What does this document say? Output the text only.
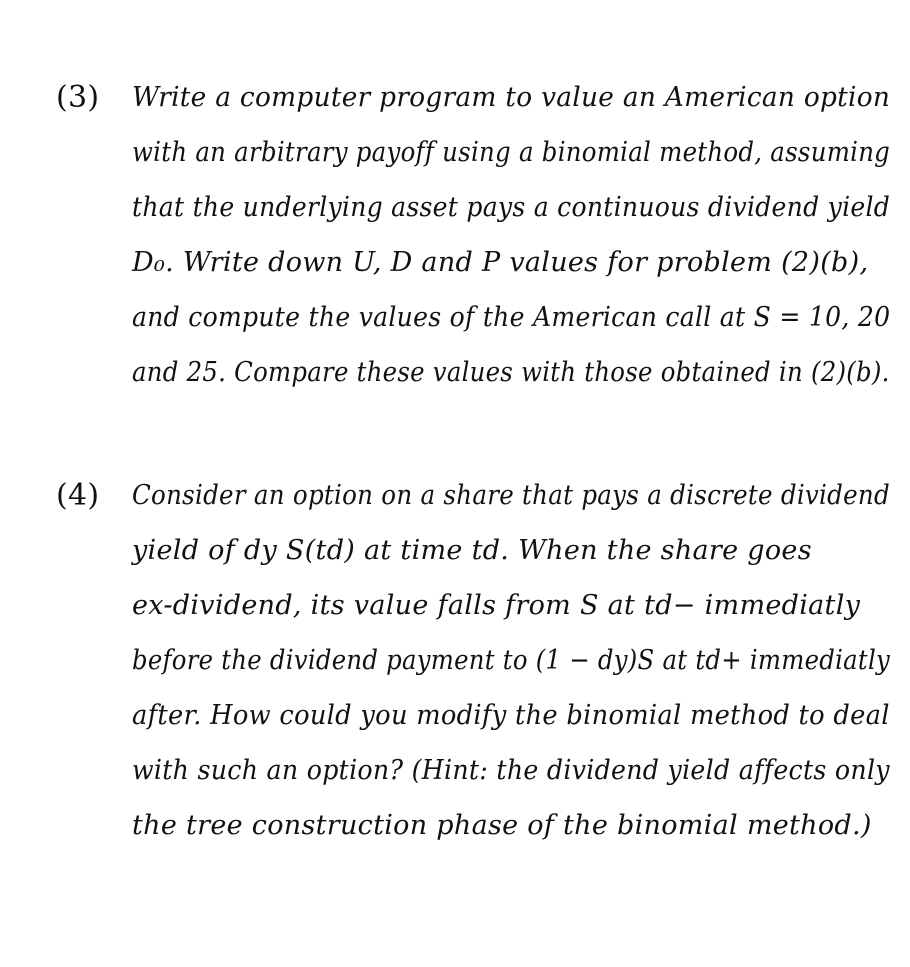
(3) Write a computer program to value an American option
with an arbitrary payoff using a binomial method, assuming
that the underlying asset pays a continuous dividend yield
D₀. Write down U, D and P values for problem (2)(b),
and compute the values of the American call at S = 10, 20
and 25. Compare these values with those obtained in (2)(b).
(4) Consider an option on a share that pays a discrete dividend
yield of dy S(td) at time td. When the share goes
ex-dividend, its value falls from S at td− immediatly
before the dividend payment to (1 − dy)S at td+ immediatly
after. How could you modify the binomial method to deal
with such an option? (Hint: the dividend yield affects only
the tree construction phase of the binomial method.)
